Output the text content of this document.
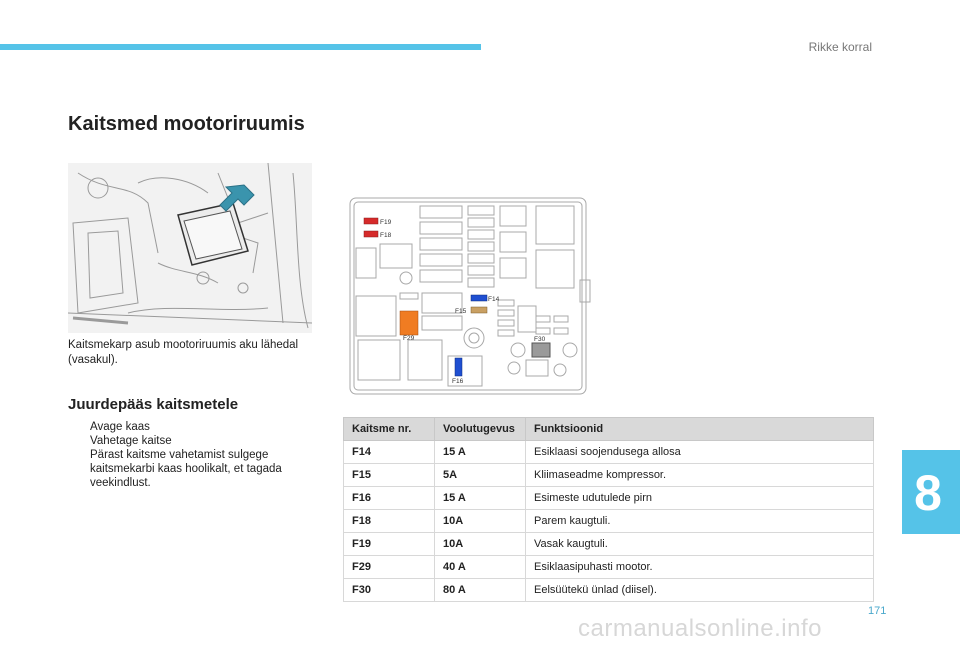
Rikke korral
Kaitsmed mootoriruumis
Kaitsmekarp asub mootoriruumis aku lähedal (vasakul).
Juurdepääs kaitsmetele
Avage kaas
Vahetage kaitse
Pärast kaitsme vahetamist sulgege kaitsmekarbi kaas hoolikalt, et tagada veekindlust.
F19
F18
F14
F15
F29	F30
F16
Kaitsme nr.	Voolutugevus	Funktsioonid
F14	15 A	Esiklaasi soojendusega allosa
F15	5A	Kliimaseadme kompressor.
F16	15 A	Esimeste udutulede pirn
F18	10A	Parem kaugtuli.
F19	10A	Vasak kaugtuli.
F29	40 A	Esiklaasipuhasti mootor.
F30	80 A	Eelsüütekü ünlad (diisel).
8
171
carmanualsonline.info
